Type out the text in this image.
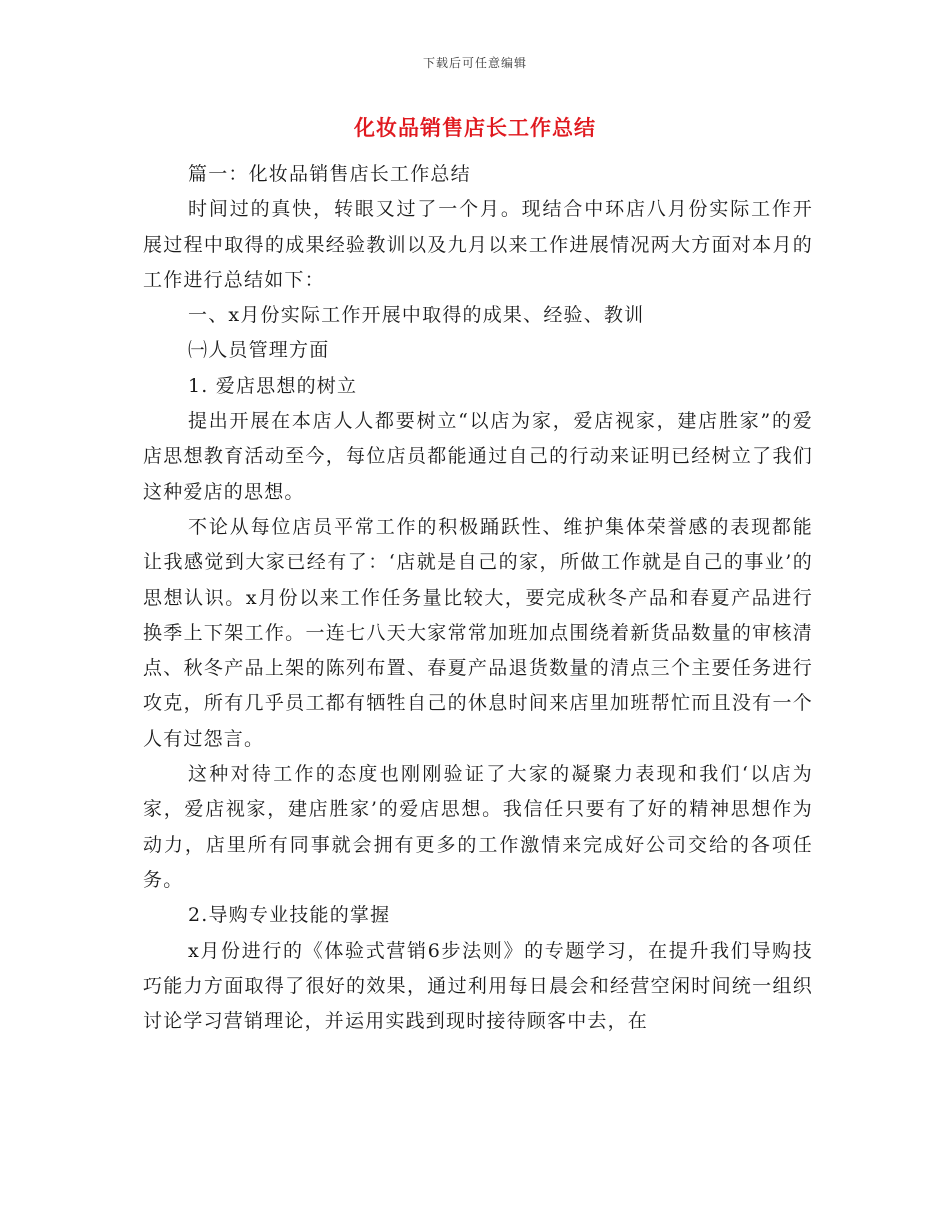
下载后可任意编辑
化妆品销售店长工作总结

篇一：化妆品销售店长工作总结

时间过的真快，转眼又过了一个月。现结合中环店八月份实际工作开展过程中取得的成果经验教训以及九月以来工作进展情况两大方面对本月的工作进行总结如下：

一、x月份实际工作开展中取得的成果、经验、教训

㈠人员管理方面

1. 爱店思想的树立

提出开展在本店人人都要树立“以店为家，爱店视家，建店胜家”的爱店思想教育活动至今，每位店员都能通过自己的行动来证明已经树立了我们这种爱店的思想。

不论从每位店员平常工作的积极踊跃性、维护集体荣誉感的表现都能让我感觉到大家已经有了：‘店就是自己的家，所做工作就是自己的事业’的思想认识。x月份以来工作任务量比较大，要完成秋冬产品和春夏产品进行换季上下架工作。一连七八天大家常常加班加点围绕着新货品数量的审核清点、秋冬产品上架的陈列布置、春夏产品退货数量的清点三个主要任务进行攻克，所有几乎员工都有牺牲自己的休息时间来店里加班帮忙而且没有一个人有过怨言。

这种对待工作的态度也刚刚验证了大家的凝聚力表现和我们‘以店为家，爱店视家，建店胜家’的爱店思想。我信任只要有了好的精神思想作为动力，店里所有同事就会拥有更多的工作激情来完成好公司交给的各项任务。

2.导购专业技能的掌握

x月份进行的《体验式营销6步法则》的专题学习，在提升我们导购技巧能力方面取得了很好的效果，通过利用每日晨会和经营空闲时间统一组织讨论学习营销理论，并运用实践到现时接待顾客中去，在
